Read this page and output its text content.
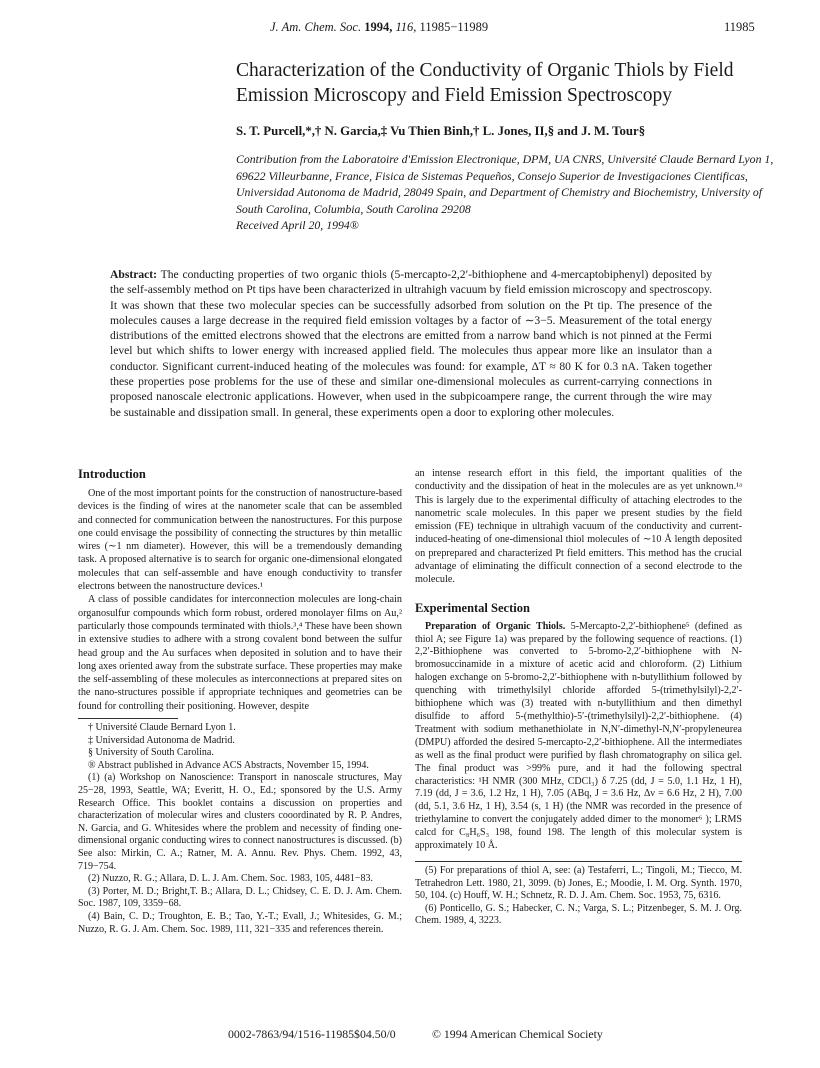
J. Am. Chem. Soc. 1994, 116, 11985−11989	11985
Characterization of the Conductivity of Organic Thiols by Field Emission Microscopy and Field Emission Spectroscopy
S. T. Purcell,*,† N. Garcia,‡ Vu Thien Binh,† L. Jones, II,§ and J. M. Tour§
Contribution from the Laboratoire d'Emission Electronique, DPM, UA CNRS, Université Claude Bernard Lyon 1, 69622 Villeurbanne, France, Fisica de Sistemas Pequeños, Consejo Superior de Investigaciones Cientificas, Universidad Autonoma de Madrid, 28049 Spain, and Department of Chemistry and Biochemistry, University of South Carolina, Columbia, South Carolina 29208
Received April 20, 1994®
Abstract: The conducting properties of two organic thiols (5-mercapto-2,2′-bithiophene and 4-mercaptobiphenyl) deposited by the self-assembly method on Pt tips have been characterized in ultrahigh vacuum by field emission microscopy and spectroscopy. It was shown that these two molecular species can be successfully adsorbed from solution on the Pt tip. The presence of the molecules causes a large decrease in the required field emission voltages by a factor of ∼3−5. Measurement of the total energy distributions of the emitted electrons showed that the electrons are emitted from a narrow band which is not pinned at the Fermi level but which shifts to lower energy with increased applied field. The molecules thus appear more like an insulator than a conductor. Significant current-induced heating of the molecules was found: for example, ΔT ≈ 80 K for 0.3 nA. Taken together these properties pose problems for the use of these and similar one-dimensional molecules as current-carrying connections in proposed nanoscale electronic applications. However, when used in the subpicoampere range, the current through the wire may be sustainable and dissipation small. In general, these experiments open a door to exploring other molecules.
Introduction

One of the most important points for the construction of nanostructure-based devices is the finding of wires at the nanometer scale that can be assembled and connected for communication between the nanostructures. For this purpose one could envisage the possibility of connecting the structures by thin metallic wires (∼1 nm diameter). However, this will be a tremendously demanding task. A proposed alternative is to search for organic one-dimensional elongated molecules that can self-assemble and have enough conductivity to transfer electrons between the nanostructure devices.¹

A class of possible candidates for interconnection molecules are long-chain organosulfur compounds which form robust, ordered monolayer films on Au,² particularly those compounds terminated with thiols.³,⁴ These have been shown in extensive studies to adhere with a strong covalent bond between the sulfur head group and the Au surfaces when deposited in solution and to have their long axes oriented away from the substrate surface. These properties may make the self-assembling of these molecules as interconnections at prepared sites on the nano-structures possible if appropriate techniques and geometries can be found for controlling their positioning. However, despite

† Université Claude Bernard Lyon 1.
‡ Universidad Autonoma de Madrid.
§ University of South Carolina.
® Abstract published in Advance ACS Abstracts, November 15, 1994.
(1) (a) Workshop on Nanoscience: Transport in nanoscale structures, May 25−28, 1993, Seattle, WA; Everitt, H. O., Ed.; sponsored by the U.S. Army Research Office. This booklet contains a discussion on properties and characterization of molecular wires and clusters cooordinated by R. P. Andres, N. Garcia, and G. Whitesides where the problem and necessity of finding one-dimensional organic conducting wires to connect nanostructures is discussed. (b) See also: Mirkin, C. A.; Ratner, M. A. Annu. Rev. Phys. Chem. 1992, 43, 719−754.
(2) Nuzzo, R. G.; Allara, D. L. J. Am. Chem. Soc. 1983, 105, 4481−83.
(3) Porter, M. D.; Bright,T. B.; Allara, D. L.; Chidsey, C. E. D. J. Am. Chem. Soc. 1987, 109, 3359−68.
(4) Bain, C. D.; Troughton, E. B.; Tao, Y.-T.; Evall, J.; Whitesides, G. M.; Nuzzo, R. G. J. Am. Chem. Soc. 1989, 111, 321−335 and references therein.

an intense research effort in this field, the important qualities of the conductivity and the dissipation of heat in the molecules are as yet unknown.¹ᵃ This is largely due to the experimental difficulty of attaching electrodes to the nanometric scale molecules. In this paper we present studies by the field emission (FE) technique in ultrahigh vacuum of the conductivity and current-induced-heating of one-dimensional thiol molecules of ∼10 Å length deposited on preprepared and characterized Pt field emitters. This method has the crucial advantage of eliminating the difficult connection of a second electrode to the molecule.

Experimental Section

Preparation of Organic Thiols. 5-Mercapto-2,2′-bithiophene⁵ (defined as thiol A; see Figure 1a) was prepared by the following sequence of reactions. (1) 2,2′-Bithiophene was converted to 5-bromo-2,2′-bithiophene with N-bromosuccinamide in a mixture of acetic acid and chloroform. (2) Lithium halogen exchange on 5-bromo-2,2′-bithiophene with n-butyllithium followed by quenching with trimethylsilyl chloride afforded 5-(trimethylsilyl)-2,2′-bithiophene which was (3) treated with n-butyllithium and then dimethyl disulfide to afford 5-(methylthio)-5′-(trimethylsilyl)-2,2′-bithiophene. (4) Treatment with sodium methanethiolate in N,N′-dimethyl-N,N′-propyleneurea (DMPU) afforded the desired 5-mercapto-2,2′-bithiophene. All the intermediates as well as the final product were purified by flash chromatography on silica gel. The final product was >99% pure, and it had the following spectral characteristics: ¹H NMR (300 MHz, CDCl₃) δ 7.25 (dd, J = 5.0, 1.1 Hz, 1 H), 7.19 (dd, J = 3.6, 1.2 Hz, 1 H), 7.05 (ABq, J = 3.6 Hz, Δν = 6.6 Hz, 2 H), 7.00 (dd, 5.1, 3.6 Hz, 1 H), 3.54 (s, 1 H) (the NMR was recorded in the presence of triethylamine to convert the conjugately added dimer to the monomer⁶ ); LRMS calcd for C₈H₆S₃ 198, found 198. The length of this molecular system is approximately 10 Å.

(5) For preparations of thiol A, see: (a) Testaferri, L.; Tingoli, M.; Tiecco, M. Tetrahedron Lett. 1980, 21, 3099. (b) Jones, E.; Moodie, I. M. Org. Synth. 1970, 50, 104. (c) Houff, W. H.; Schnetz, R. D. J. Am. Chem. Soc. 1953, 75, 6316.
(6) Ponticello, G. S.; Habecker, C. N.; Varga, S. L.; Pitzenbeger, S. M. J. Org. Chem. 1989, 4, 3223.
0002-7863/94/1516-11985$04.50/0	© 1994 American Chemical Society
